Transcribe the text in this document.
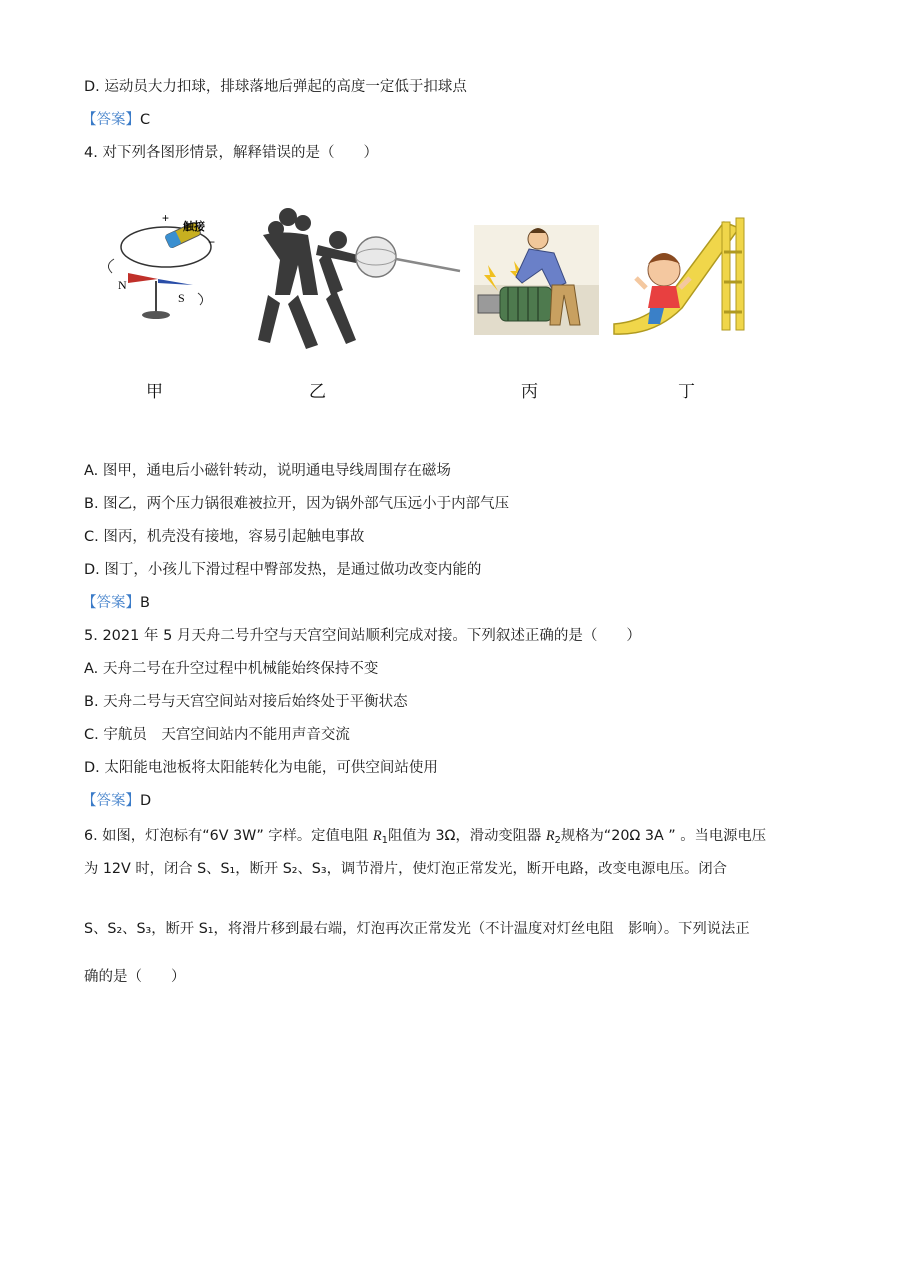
D. 运动员大力扣球，排球落地后弹起的高度一定低于扣球点
【答案】C
4. 对下列各图形情景，解释错误的是（　　）
+
触接
−
N
S
甲	乙	丙	丁
A. 图甲，通电后小磁针转动，说明通电导线周围存在磁场
B. 图乙，两个压力锅很难被拉开，因为锅外部气压远小于内部气压
C. 图丙，机壳没有接地，容易引起触电事故
D. 图丁，小孩儿下滑过程中臀部发热，是通过做功改变内能的
【答案】B
5. 2021 年 5 月天舟二号升空与天宫空间站顺利完成对接。下列叙述正确的是（　　）
A. 天舟二号在升空过程中机械能始终保持不变
B. 天舟二号与天宫空间站对接后始终处于平衡状态
C. 宇航员　天宫空间站内不能用声音交流
D. 太阳能电池板将太阳能转化为电能，可供空间站使用
【答案】D
6. 如图，灯泡标有“6V 3W” 字样。定值电阻 $R_1$阻值为 3Ω，滑动变阻器 $R_2$规格为“20Ω 3A ” 。当电源电压
为 12V 时，闭合 S、S₁，断开 S₂、S₃，调节滑片，使灯泡正常发光，断开电路，改变电源电压。闭合
S、S₂、S₃，断开 S₁，将滑片移到最右端，灯泡再次正常发光（不计温度对灯丝电阻　影响）。下列说法正
确的是（　　）
